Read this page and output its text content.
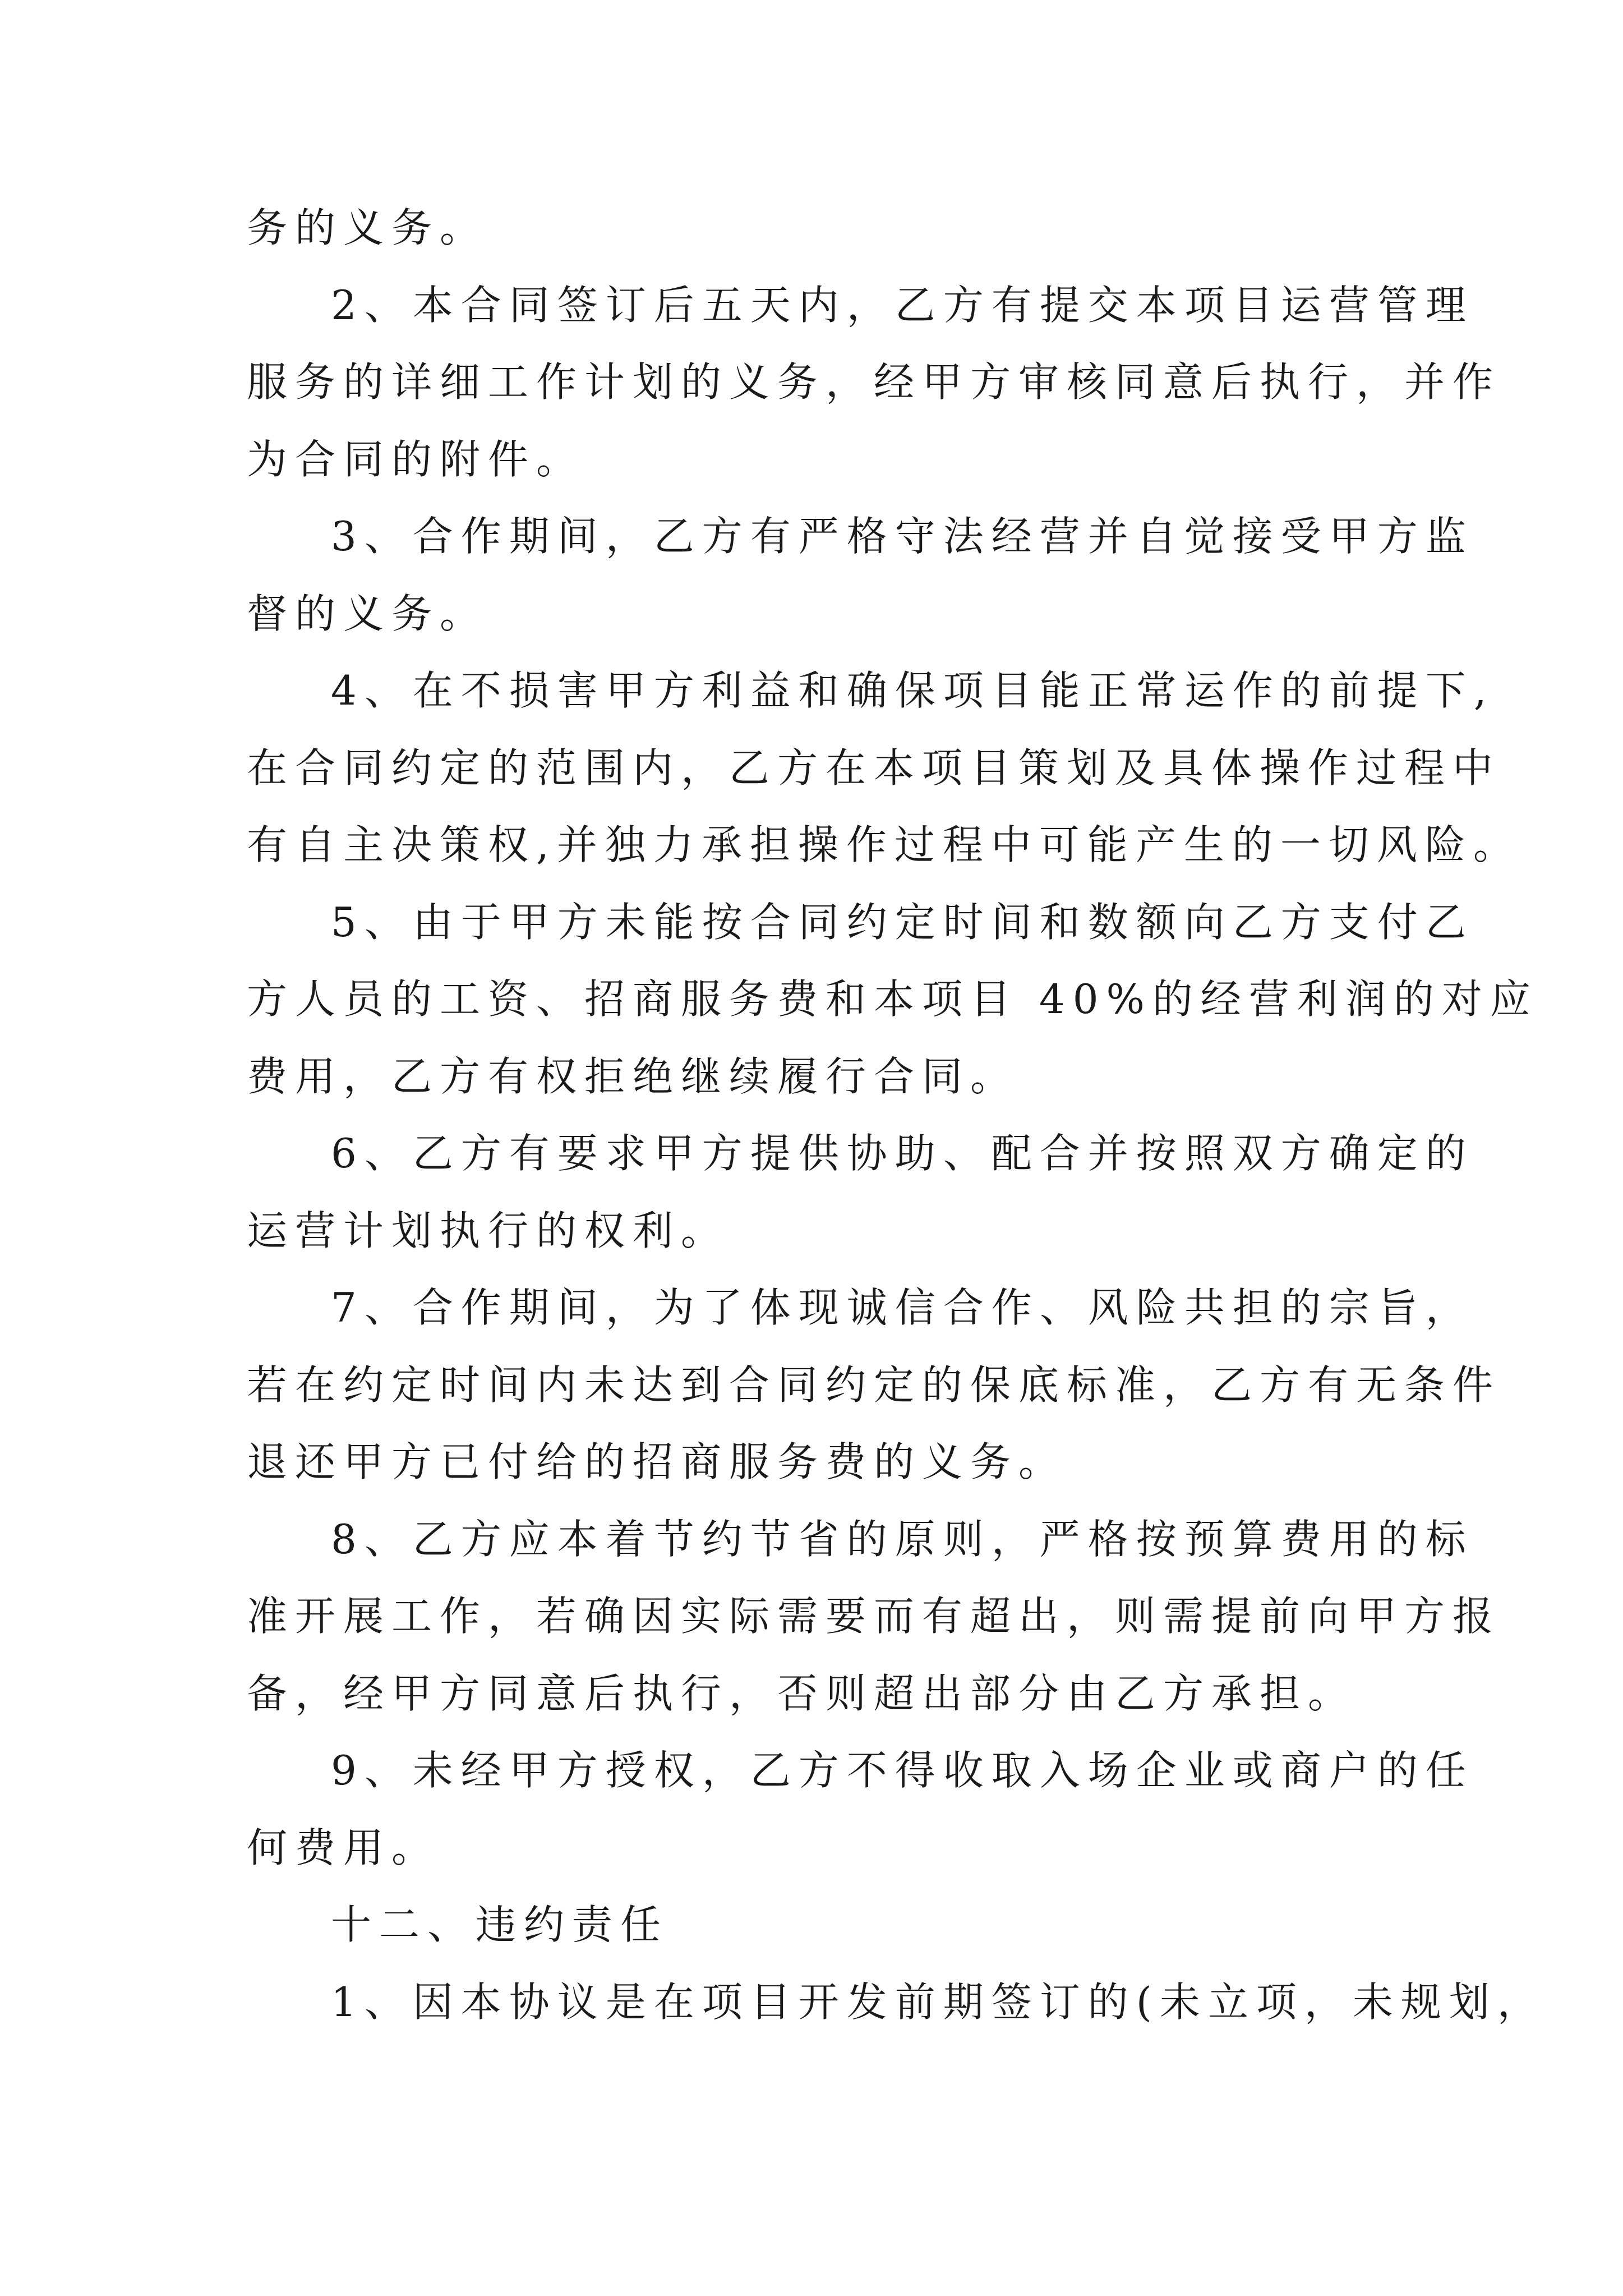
务的义务。

2、本合同签订后五天内，乙方有提交本项目运营管理
服务的详细工作计划的义务，经甲方审核同意后执行，并作
为合同的附件。

3、合作期间，乙方有严格守法经营并自觉接受甲方监
督的义务。

4、在不损害甲方利益和确保项目能正常运作的前提下,
在合同约定的范围内，乙方在本项目策划及具体操作过程中
有自主决策权,并独力承担操作过程中可能产生的一切风险。

5、由于甲方未能按合同约定时间和数额向乙方支付乙
方人员的工资、招商服务费和本项目 40%的经营利润的对应
费用，乙方有权拒绝继续履行合同。

6、乙方有要求甲方提供协助、配合并按照双方确定的
运营计划执行的权利。

7、合作期间，为了体现诚信合作、风险共担的宗旨，
若在约定时间内未达到合同约定的保底标准，乙方有无条件
退还甲方已付给的招商服务费的义务。

8、乙方应本着节约节省的原则，严格按预算费用的标
准开展工作，若确因实际需要而有超出，则需提前向甲方报
备，经甲方同意后执行，否则超出部分由乙方承担。

9、未经甲方授权，乙方不得收取入场企业或商户的任
何费用。

十二、违约责任

1、因本协议是在项目开发前期签订的(未立项，未规划，
